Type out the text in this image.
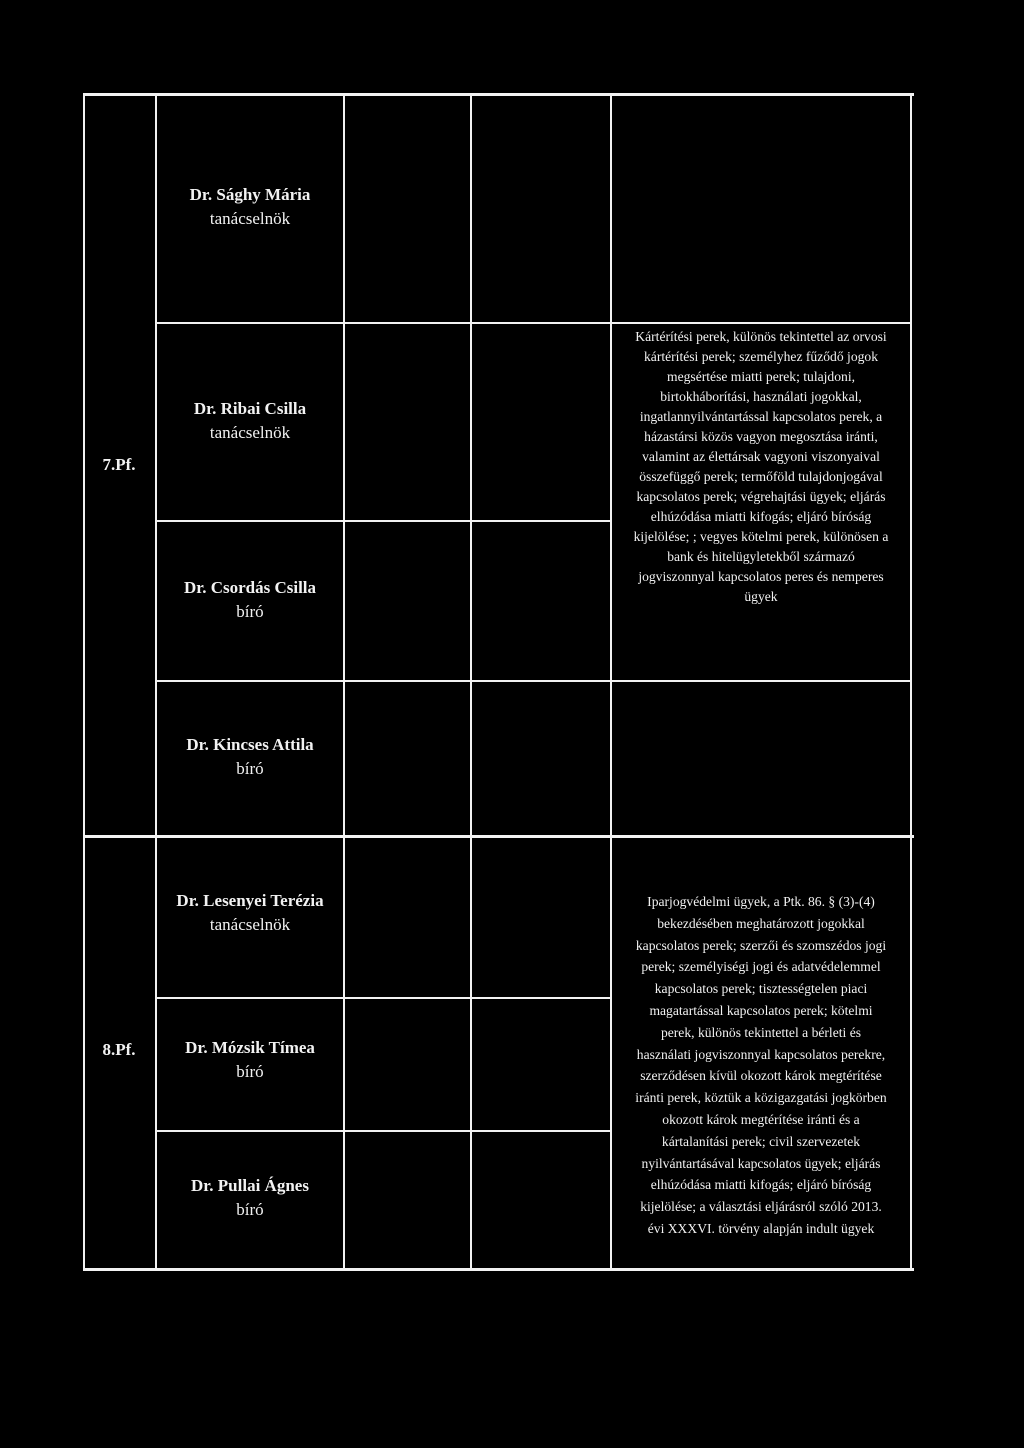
7.Pf.
Dr. Sághy Mária
tanácselnök
Dr. Ribai Csilla
tanácselnök
Dr. Csordás Csilla
bíró
Dr. Kincses Attila
bíró
Kártérítési perek, különös tekintettel az orvosi
kártérítési perek; személyhez fűződő jogok
megsértése miatti perek; tulajdoni,
birtokháborítási, használati jogokkal,
ingatlannyilvántartással kapcsolatos perek, a
házastársi közös vagyon megosztása iránti,
valamint az élettársak vagyoni viszonyaival
összefüggő perek; termőföld tulajdonjogával
kapcsolatos perek; végrehajtási ügyek; eljárás
elhúzódása miatti kifogás; eljáró bíróság
kijelölése; ; vegyes kötelmi perek, különösen a
bank és hitelügyletekből származó
jogviszonnyal kapcsolatos peres és nemperes
ügyek
8.Pf.
Dr. Lesenyei Terézia
tanácselnök
Dr. Mózsik Tímea
bíró
Dr. Pullai Ágnes
bíró
Iparjogvédelmi ügyek, a Ptk. 86. § (3)-(4)
bekezdésében meghatározott jogokkal
kapcsolatos perek; szerzői és szomszédos jogi
perek; személyiségi jogi és adatvédelemmel
kapcsolatos perek; tisztességtelen piaci
magatartással kapcsolatos perek; kötelmi
perek, különös tekintettel a bérleti és
használati jogviszonnyal kapcsolatos perekre,
szerződésen kívül okozott károk megtérítése
iránti perek, köztük a közigazgatási jogkörben
okozott károk megtérítése iránti és a
kártalanítási perek; civil szervezetek
nyilvántartásával kapcsolatos ügyek; eljárás
elhúzódása miatti kifogás; eljáró bíróság
kijelölése; a választási eljárásról szóló 2013.
évi XXXVI. törvény alapján indult ügyek
